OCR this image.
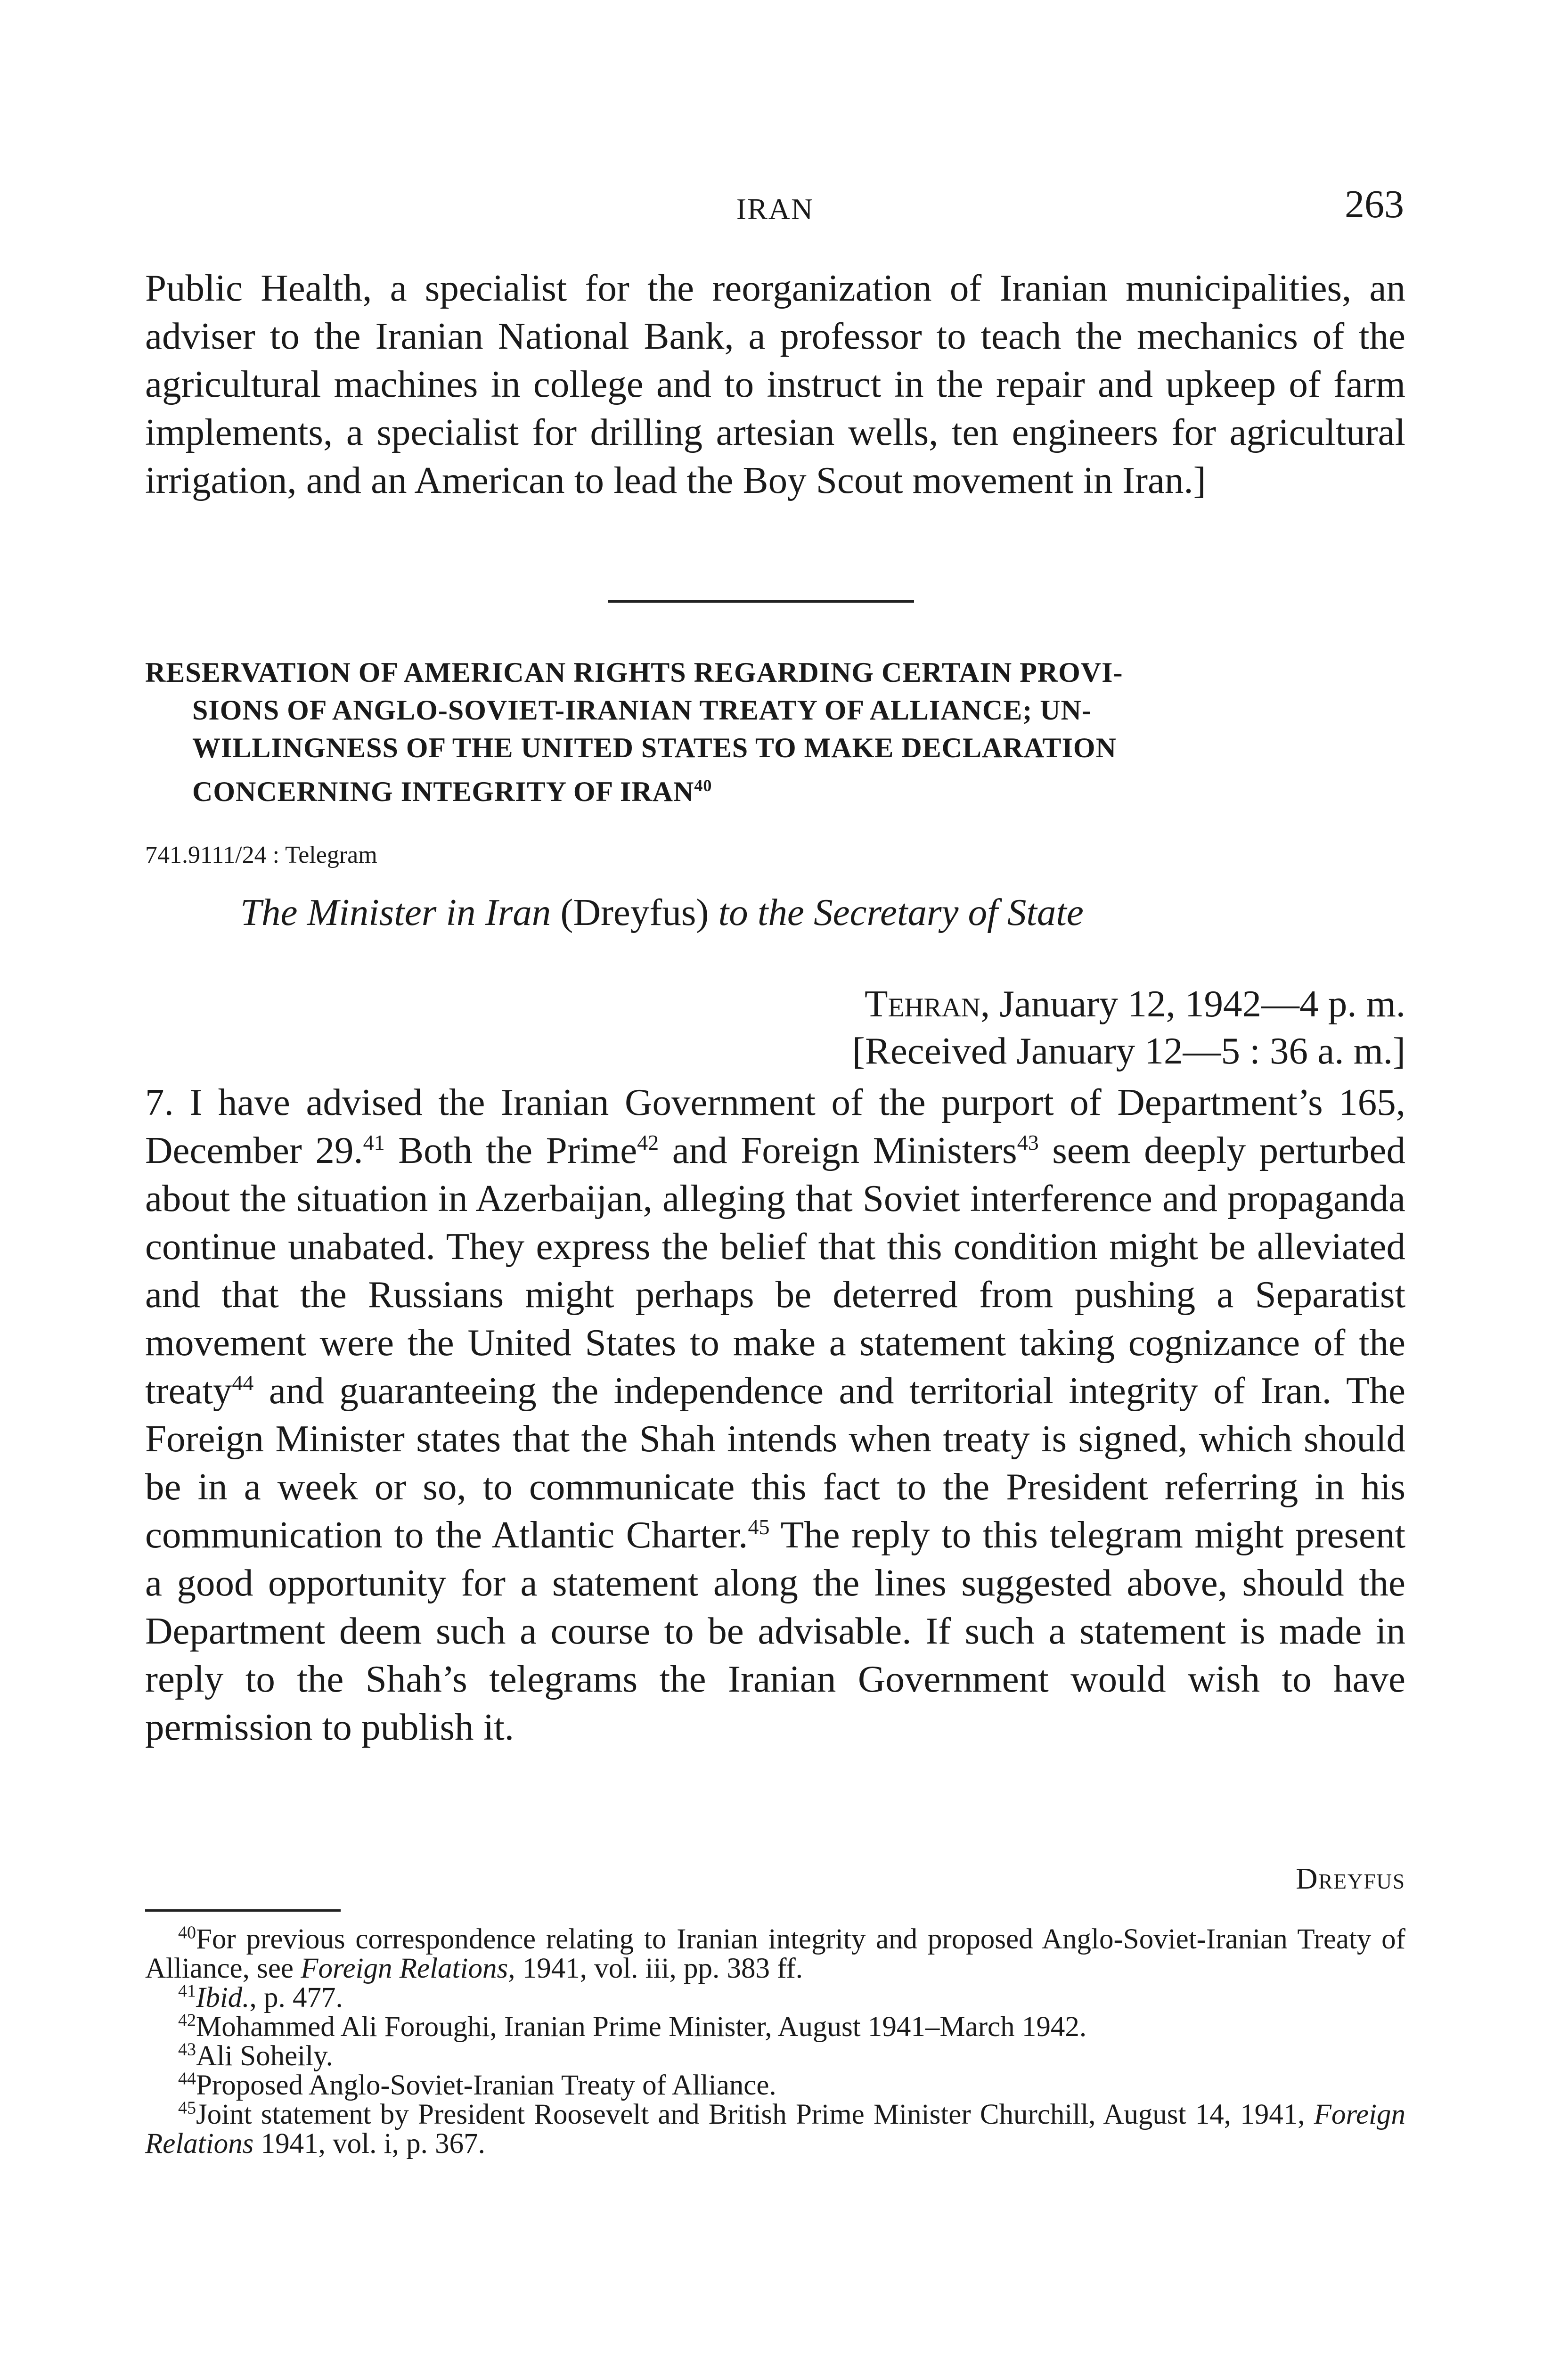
IRAN	263

Public Health, a specialist for the reorganization of Iranian municipalities, an adviser to the Iranian National Bank, a professor to teach the mechanics of the agricultural machines in college and to instruct in the repair and upkeep of farm implements, a specialist for drilling artesian wells, ten engineers for agricultural irrigation, and an American to lead the Boy Scout movement in Iran.]

RESERVATION OF AMERICAN RIGHTS REGARDING CERTAIN PROVI-
SIONS OF ANGLO-SOVIET-IRANIAN TREATY OF ALLIANCE; UN-
WILLINGNESS OF THE UNITED STATES TO MAKE DECLARATION
CONCERNING INTEGRITY OF IRAN$^{40}$
741.9111/24 : Telegram
The Minister in Iran (Dreyfus) to the Secretary of State
Tehran, January 12, 1942—4 p. m.
[Received January 12—5 : 36 a. m.]

7. I have advised the Iranian Government of the purport of Department’s 165, December 29.41 Both the Prime$^{42}$ and Foreign Ministers$^{43}$ seem deeply perturbed about the situation in Azerbaijan, alleging that Soviet interference and propaganda continue unabated. They express the belief that this condition might be alleviated and that the Russians might perhaps be deterred from pushing a Separatist movement were the United States to make a statement taking cognizance of the treaty$^{44}$ and guaranteeing the independence and territorial integrity of Iran. The Foreign Minister states that the Shah intends when treaty is signed, which should be in a week or so, to communicate this fact to the President referring in his communication to the Atlantic Charter.$^{45}$ The reply to this telegram might present a good opportunity for a statement along the lines suggested above, should the Department deem such a course to be advisable. If such a statement is made in reply to the Shah’s telegrams the Iranian Government would wish to have permission to publish it.

Dreyfus
$^{40}$For previous correspondence relating to Iranian integrity and proposed Anglo-Soviet-Iranian Treaty of Alliance, see Foreign Relations, 1941, vol. iii, pp. 383 ff.
$^{41}$Ibid., p. 477.
$^{42}$Mohammed Ali Foroughi, Iranian Prime Minister, August 1941–March 1942.
$^{43}$Ali Soheily.
$^{44}$Proposed Anglo-Soviet-Iranian Treaty of Alliance.
$^{45}$Joint statement by President Roosevelt and British Prime Minister Churchill, August 14, 1941, Foreign Relations 1941, vol. i, p. 367.
